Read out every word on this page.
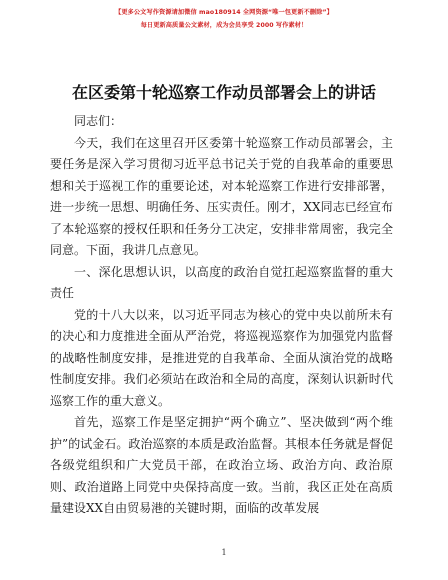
【更多公文写作资源请加微信 mao180914 全网资源“唯一包更新不删除”】
每日更新高质量公文素材，成为会员享受 2000 写作素材！
在区委第十轮巡察工作动员部署会上的讲话

同志们：

今天，我们在这里召开区委第十轮巡察工作动员部署会，主要任务是深入学习贯彻习近平总书记关于党的自我革命的重要思想和关于巡视工作的重要论述，对本轮巡察工作进行安排部署，进一步统一思想、明确任务、压实责任。刚才，XX同志已经宣布了本轮巡察的授权任职和任务分工决定，安排非常周密，我完全同意。下面，我讲几点意见。

一、深化思想认识，以高度的政治自觉扛起巡察监督的重大责任

党的十八大以来，以习近平同志为核心的党中央以前所未有的决心和力度推进全面从严治党，将巡视巡察作为加强党内监督的战略性制度安排，是推进党的自我革命、全面从演治党的战略性制度安排。我们必须站在政治和全局的高度，深刻认识新时代巡察工作的重大意义。

首先，巡察工作是坚定拥护“两个确立”、坚决做到“两个维护”的试金石。政治巡察的本质是政治监督。其根本任务就是督促各级党组织和广大党员干部，在政治立场、政治方向、政治原则、政治道路上同党中央保持高度一致。当前，我区正处在高质量建设XX自由贸易港的关键时期，面临的改革发展

1
